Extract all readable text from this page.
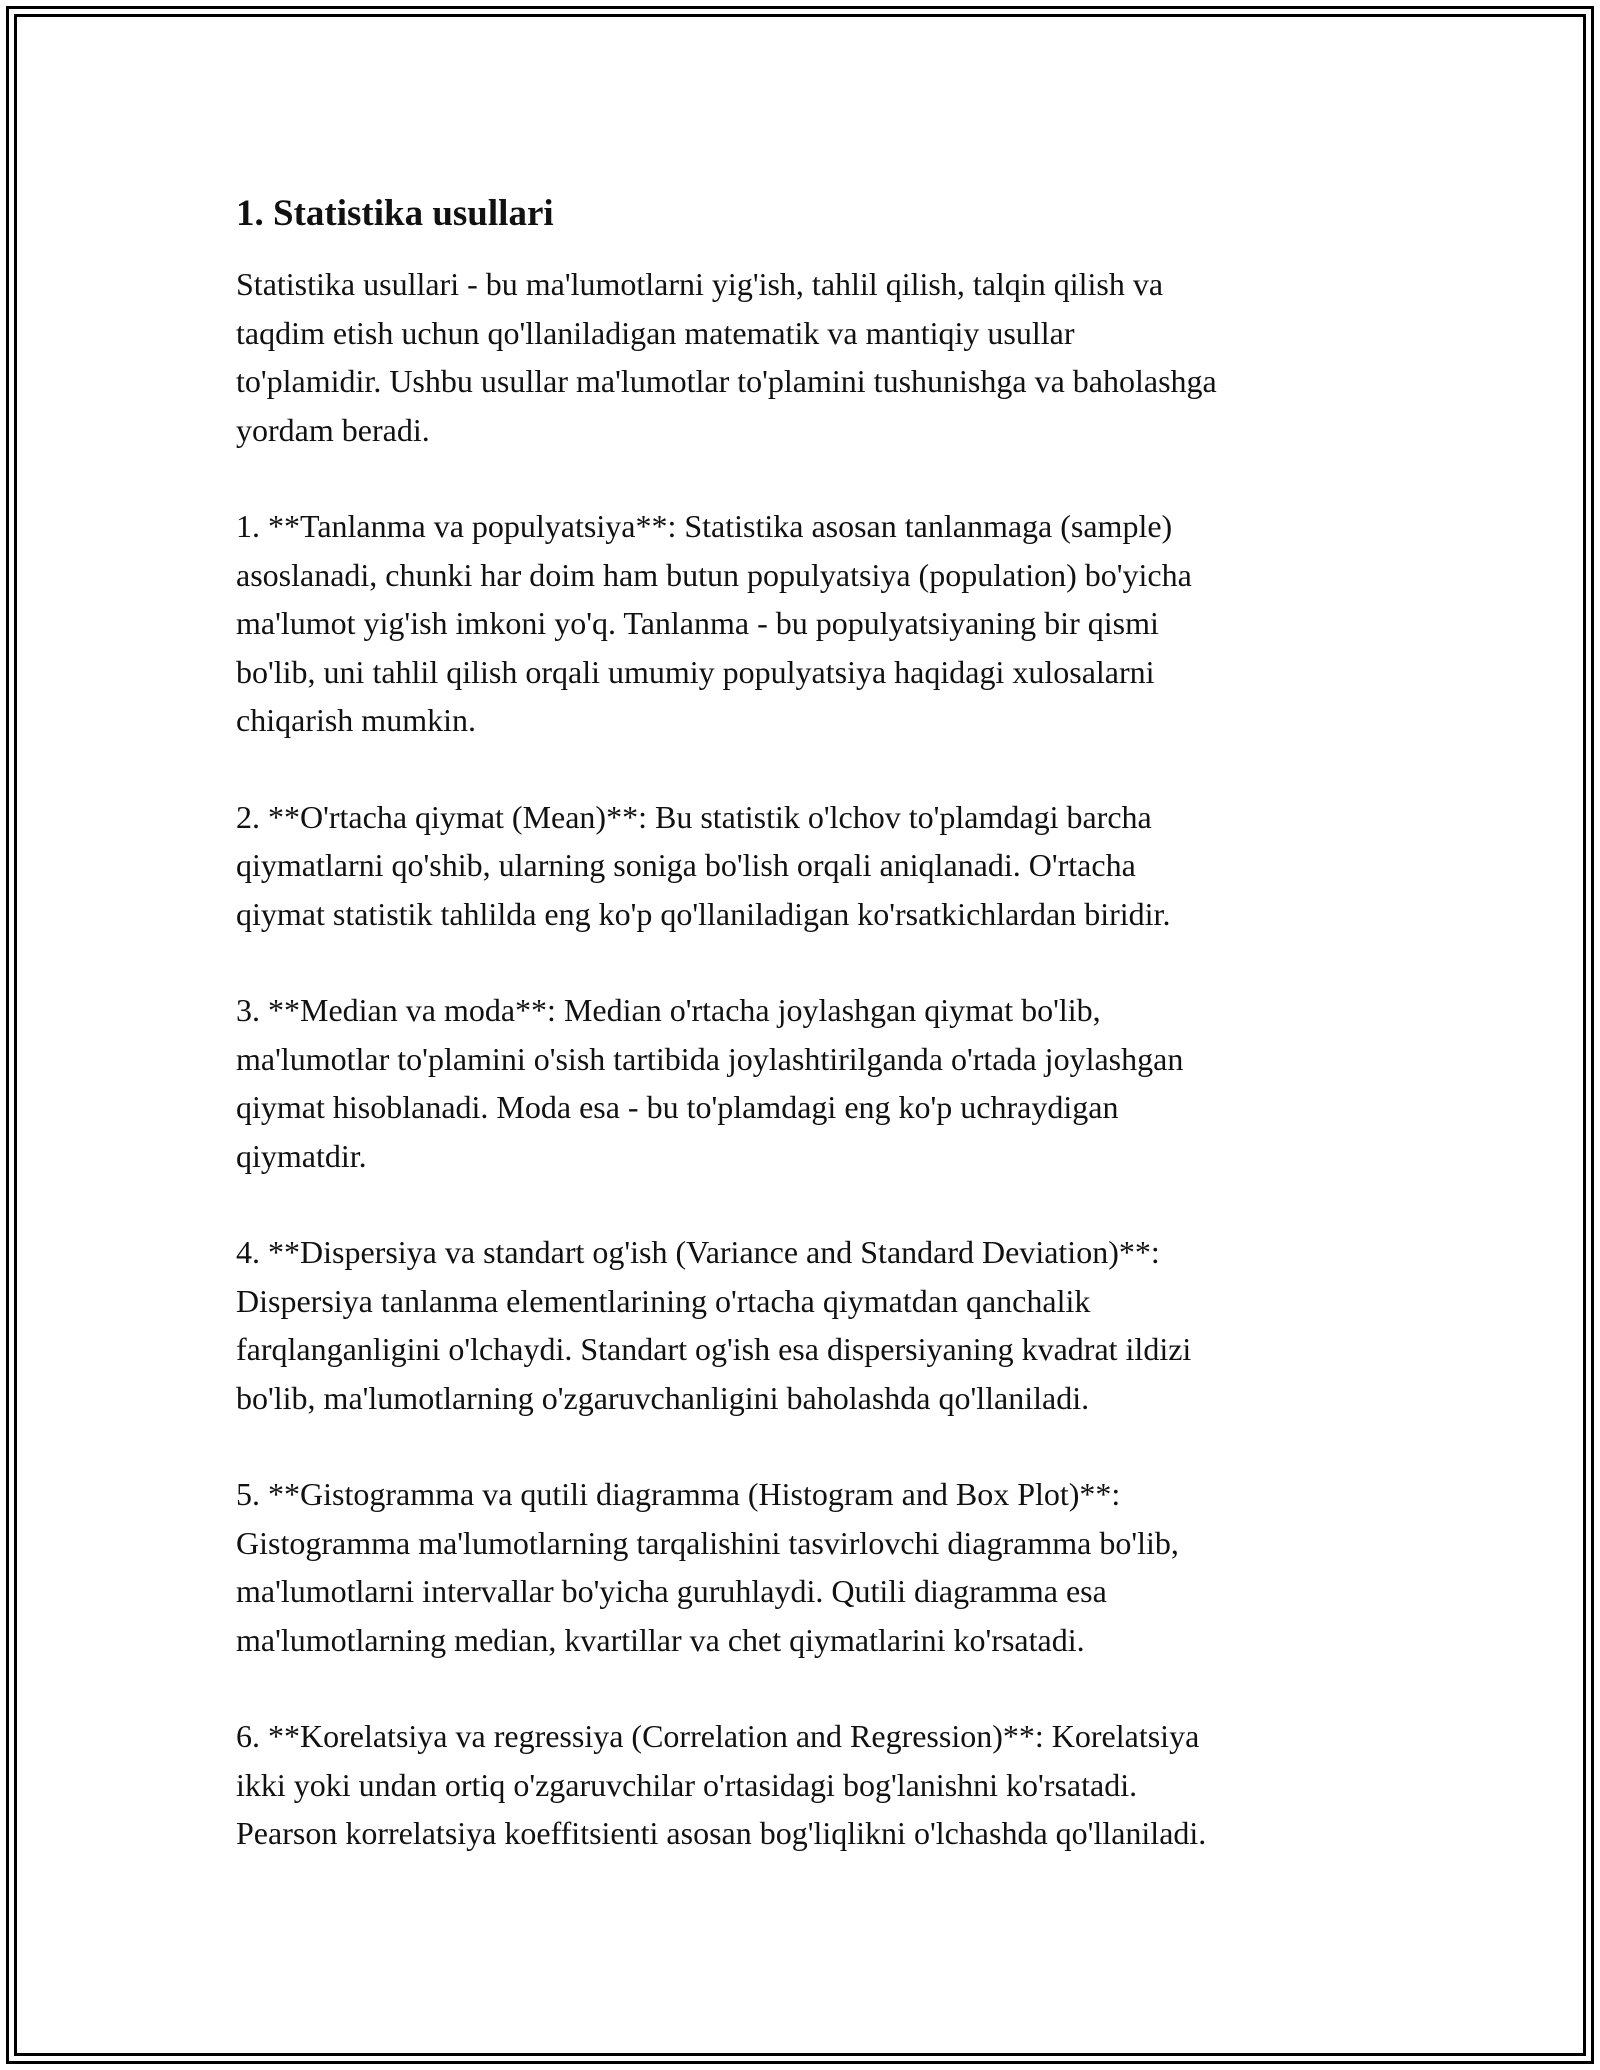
1. Statistika usullari

Statistika usullari - bu ma'lumotlarni yig'ish, tahlil qilish, talqin qilish va
taqdim etish uchun qo'llaniladigan matematik va mantiqiy usullar
to'plamidir. Ushbu usullar ma'lumotlar to'plamini tushunishga va baholashga
yordam beradi.

1. **Tanlanma va populyatsiya**: Statistika asosan tanlanmaga (sample)
asoslanadi, chunki har doim ham butun populyatsiya (population) bo'yicha
ma'lumot yig'ish imkoni yo'q. Tanlanma - bu populyatsiyaning bir qismi
bo'lib, uni tahlil qilish orqali umumiy populyatsiya haqidagi xulosalarni
chiqarish mumkin.

2. **O'rtacha qiymat (Mean)**: Bu statistik o'lchov to'plamdagi barcha
qiymatlarni qo'shib, ularning soniga bo'lish orqali aniqlanadi. O'rtacha
qiymat statistik tahlilda eng ko'p qo'llaniladigan ko'rsatkichlardan biridir.

3. **Median va moda**: Median o'rtacha joylashgan qiymat bo'lib,
ma'lumotlar to'plamini o'sish tartibida joylashtirilganda o'rtada joylashgan
qiymat hisoblanadi. Moda esa - bu to'plamdagi eng ko'p uchraydigan
qiymatdir.

4. **Dispersiya va standart og'ish (Variance and Standard Deviation)**:
Dispersiya tanlanma elementlarining o'rtacha qiymatdan qanchalik
farqlanganligini o'lchaydi. Standart og'ish esa dispersiyaning kvadrat ildizi
bo'lib, ma'lumotlarning o'zgaruvchanligini baholashda qo'llaniladi.

5. **Gistogramma va qutili diagramma (Histogram and Box Plot)**:
Gistogramma ma'lumotlarning tarqalishini tasvirlovchi diagramma bo'lib,
ma'lumotlarni intervallar bo'yicha guruhlaydi. Qutili diagramma esa
ma'lumotlarning median, kvartillar va chet qiymatlarini ko'rsatadi.

6. **Korelatsiya va regressiya (Correlation and Regression)**: Korelatsiya
ikki yoki undan ortiq o'zgaruvchilar o'rtasidagi bog'lanishni ko'rsatadi.
Pearson korrelatsiya koeffitsienti asosan bog'liqlikni o'lchashda qo'llaniladi.
